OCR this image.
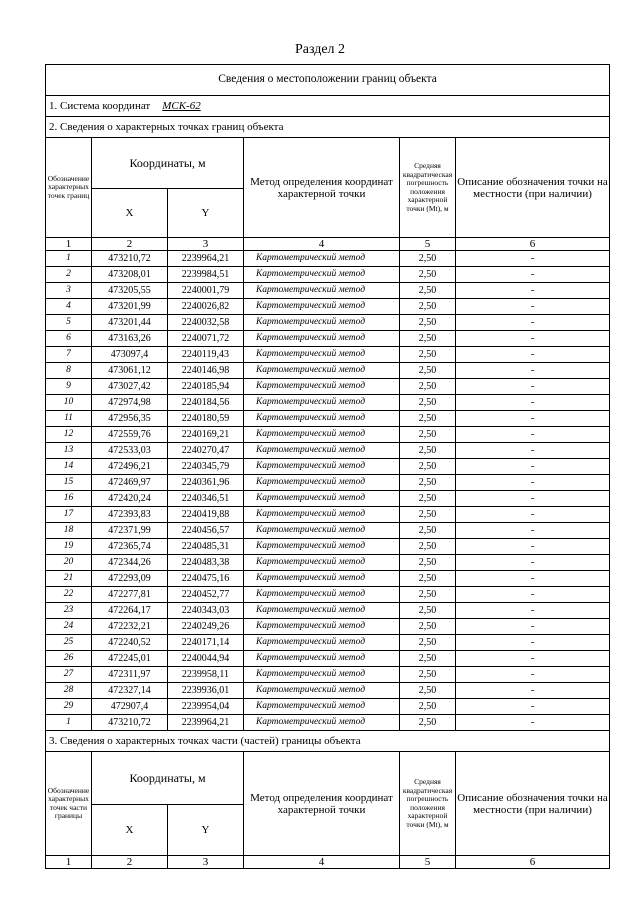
Раздел 2
Сведения о местоположении границ объекта					
1. Система координат МСК-62					
2. Сведения о характерных точках границ объекта					
Обозначение характерных точек границ	Координаты, м		Метод определения координат характерной точки	Средняя квадратическая погрешность положения характерной точки (Mt), м	Описание обозначения точки на местности (при наличии)
	X	Y			
1	2	3	4	5	6
1	473210,72	2239964,21	Картометрический метод	2,50	-
2	473208,01	2239984,51	Картометрический метод	2,50	-
3	473205,55	2240001,79	Картометрический метод	2,50	-
4	473201,99	2240026,82	Картометрический метод	2,50	-
5	473201,44	2240032,58	Картометрический метод	2,50	-
6	473163,26	2240071,72	Картометрический метод	2,50	-
7	473097,4	2240119,43	Картометрический метод	2,50	-
8	473061,12	2240146,98	Картометрический метод	2,50	-
9	473027,42	2240185,94	Картометрический метод	2,50	-
10	472974,98	2240184,56	Картометрический метод	2,50	-
11	472956,35	2240180,59	Картометрический метод	2,50	-
12	472559,76	2240169,21	Картометрический метод	2,50	-
13	472533,03	2240270,47	Картометрический метод	2,50	-
14	472496,21	2240345,79	Картометрический метод	2,50	-
15	472469,97	2240361,96	Картометрический метод	2,50	-
16	472420,24	2240346,51	Картометрический метод	2,50	-
17	472393,83	2240419,88	Картометрический метод	2,50	-
18	472371,99	2240456,57	Картометрический метод	2,50	-
19	472365,74	2240485,31	Картометрический метод	2,50	-
20	472344,26	2240483,38	Картометрический метод	2,50	-
21	472293,09	2240475,16	Картометрический метод	2,50	-
22	472277,81	2240452,77	Картометрический метод	2,50	-
23	472264,17	2240343,03	Картометрический метод	2,50	-
24	472232,21	2240249,26	Картометрический метод	2,50	-
25	472240,52	2240171,14	Картометрический метод	2,50	-
26	472245,01	2240044,94	Картометрический метод	2,50	-
27	472311,97	2239958,11	Картометрический метод	2,50	-
28	472327,14	2239936,01	Картометрический метод	2,50	-
29	472907,4	2239954,04	Картометрический метод	2,50	-
1	473210,72	2239964,21	Картометрический метод	2,50	-
3. Сведения о характерных точках части (частей) границы объекта					
Обозначение характерных точек части границы	Координаты, м		Метод определения координат характерной точки	Средняя квадратическая погрешность положения характерной точки (Mt), м	Описание обозначения точки на местности (при наличии)
	X	Y			
1	2	3	4	5	6
